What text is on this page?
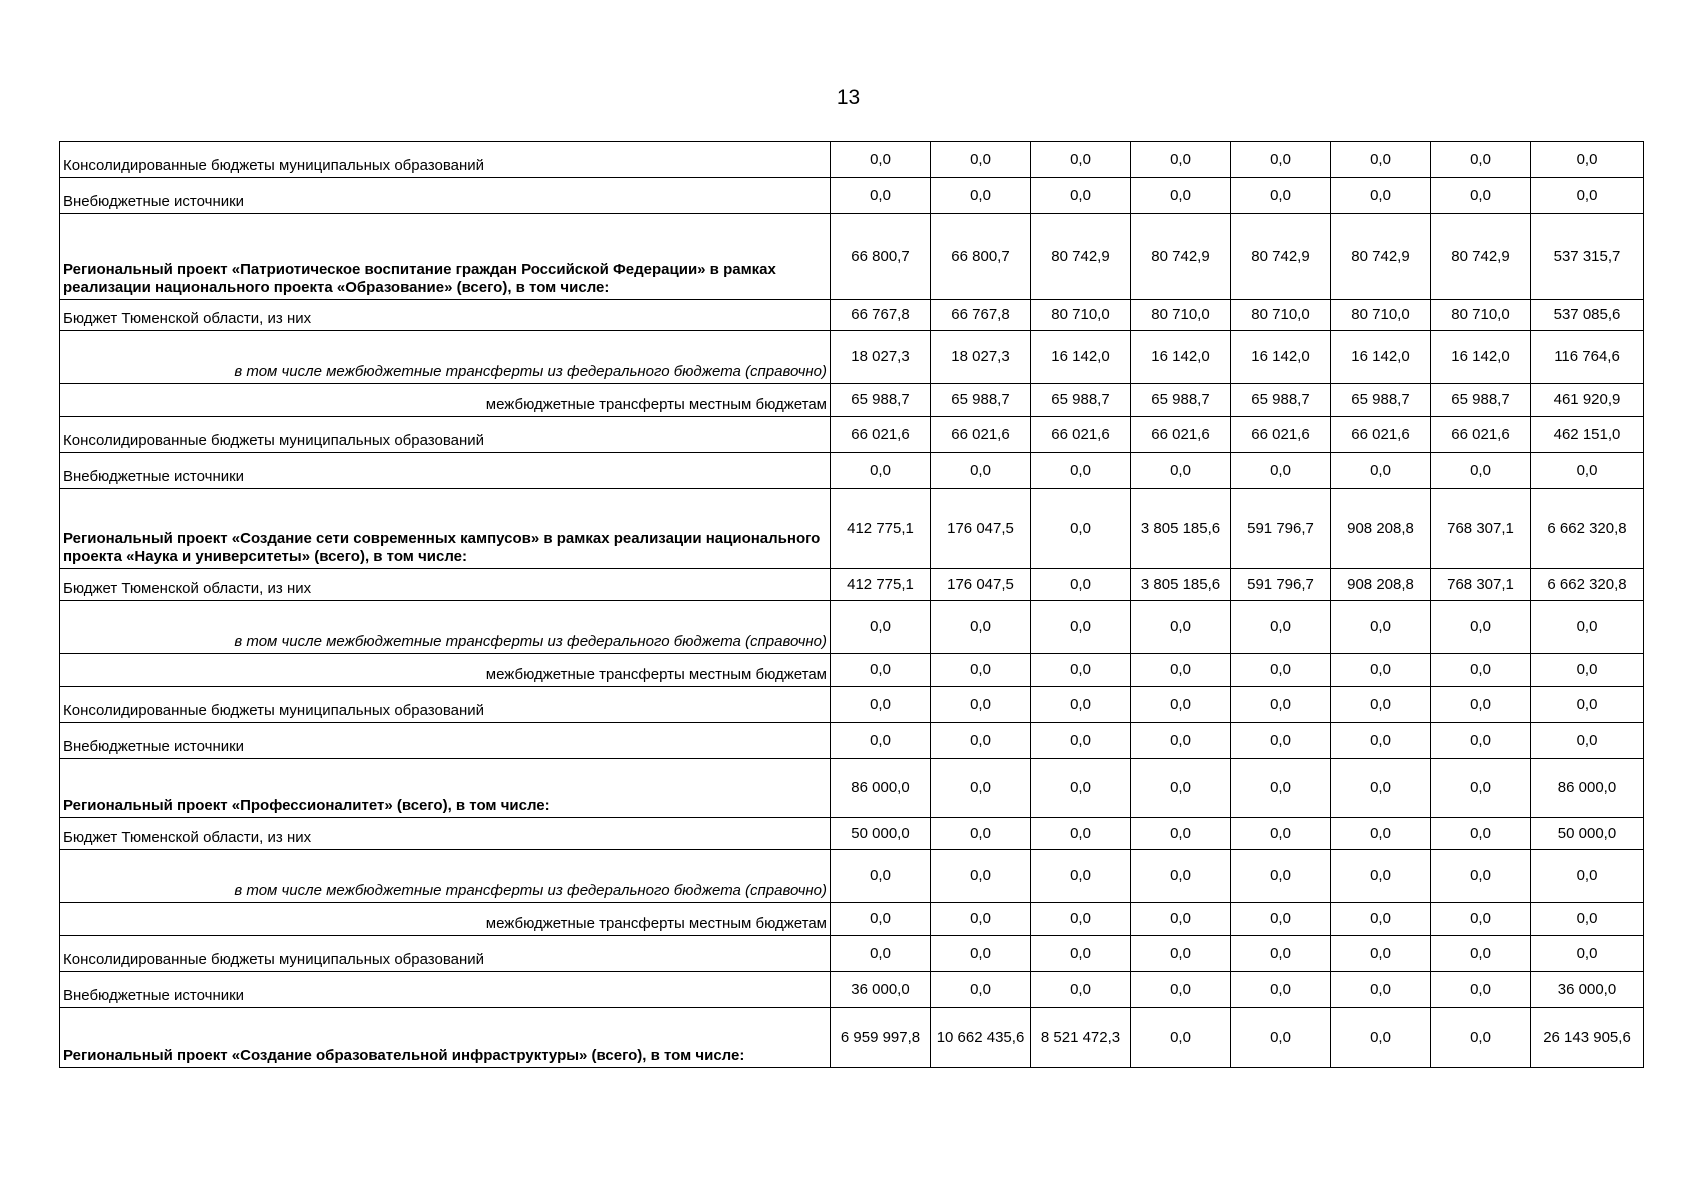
13
Консолидированные бюджеты муниципальных образований	0,0	0,0	0,0	0,0	0,0	0,0	0,0	0,0
Внебюджетные источники	0,0	0,0	0,0	0,0	0,0	0,0	0,0	0,0
Региональный проект «Патриотическое воспитание граждан Российской Федерации» в рамках реализации национального проекта «Образование» (всего), в том числе:	66 800,7	66 800,7	80 742,9	80 742,9	80 742,9	80 742,9	80 742,9	537 315,7
Бюджет Тюменской области, из них	66 767,8	66 767,8	80 710,0	80 710,0	80 710,0	80 710,0	80 710,0	537 085,6
в том числе межбюджетные трансферты из федерального бюджета (справочно)	18 027,3	18 027,3	16 142,0	16 142,0	16 142,0	16 142,0	16 142,0	116 764,6
межбюджетные трансферты местным бюджетам	65 988,7	65 988,7	65 988,7	65 988,7	65 988,7	65 988,7	65 988,7	461 920,9
Консолидированные бюджеты муниципальных образований	66 021,6	66 021,6	66 021,6	66 021,6	66 021,6	66 021,6	66 021,6	462 151,0
Внебюджетные источники	0,0	0,0	0,0	0,0	0,0	0,0	0,0	0,0
Региональный проект «Создание сети современных кампусов» в рамках реализации национального проекта «Наука и университеты» (всего), в том числе:	412 775,1	176 047,5	0,0	3 805 185,6	591 796,7	908 208,8	768 307,1	6 662 320,8
Бюджет Тюменской области, из них	412 775,1	176 047,5	0,0	3 805 185,6	591 796,7	908 208,8	768 307,1	6 662 320,8
в том числе межбюджетные трансферты из федерального бюджета (справочно)	0,0	0,0	0,0	0,0	0,0	0,0	0,0	0,0
межбюджетные трансферты местным бюджетам	0,0	0,0	0,0	0,0	0,0	0,0	0,0	0,0
Консолидированные бюджеты муниципальных образований	0,0	0,0	0,0	0,0	0,0	0,0	0,0	0,0
Внебюджетные источники	0,0	0,0	0,0	0,0	0,0	0,0	0,0	0,0
Региональный проект «Профессионалитет» (всего), в том числе:	86 000,0	0,0	0,0	0,0	0,0	0,0	0,0	86 000,0
Бюджет Тюменской области, из них	50 000,0	0,0	0,0	0,0	0,0	0,0	0,0	50 000,0
в том числе межбюджетные трансферты из федерального бюджета (справочно)	0,0	0,0	0,0	0,0	0,0	0,0	0,0	0,0
межбюджетные трансферты местным бюджетам	0,0	0,0	0,0	0,0	0,0	0,0	0,0	0,0
Консолидированные бюджеты муниципальных образований	0,0	0,0	0,0	0,0	0,0	0,0	0,0	0,0
Внебюджетные источники	36 000,0	0,0	0,0	0,0	0,0	0,0	0,0	36 000,0
Региональный проект «Создание образовательной инфраструктуры» (всего), в том числе:	6 959 997,8	10 662 435,6	8 521 472,3	0,0	0,0	0,0	0,0	26 143 905,6
